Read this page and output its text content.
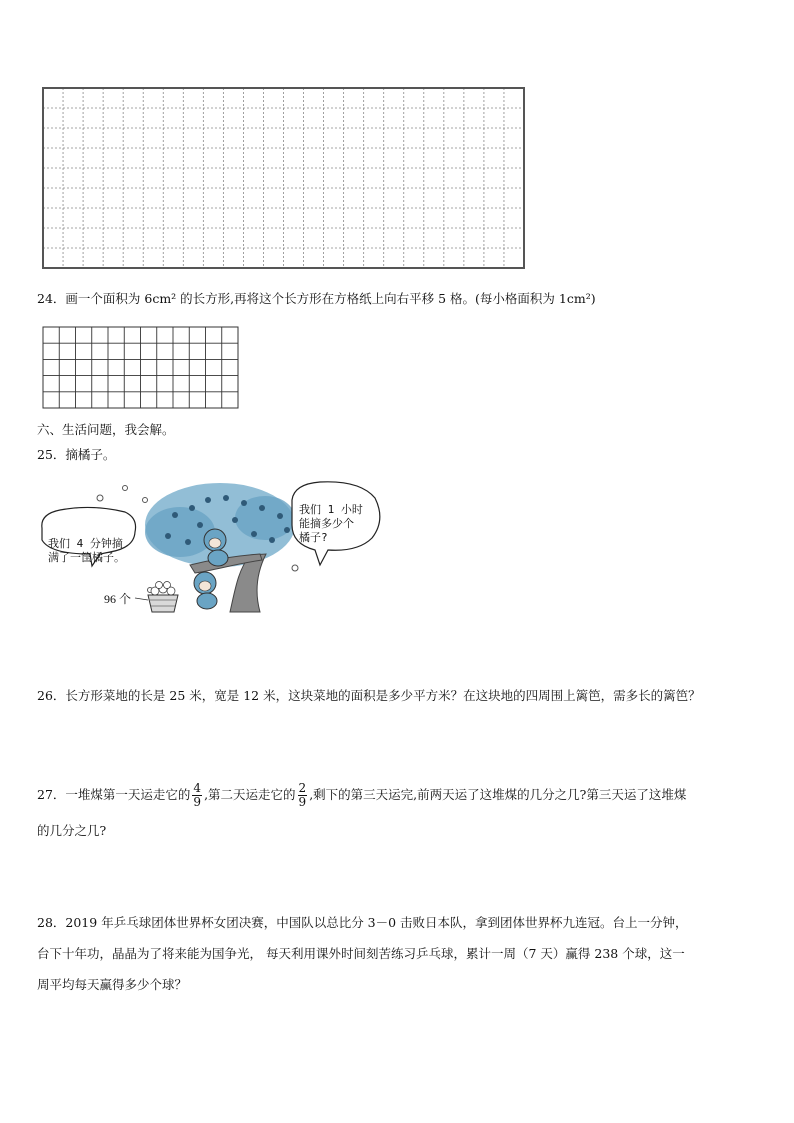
24．画一个面积为 6cm² 的长方形,再将这个长方形在方格纸上向右平移 5 格。(每小格面积为 1cm²)
六、生活问题，我会解。
25．摘橘子。
我们 4 分钟摘
满了一筐橘子。
我们 1 小时
能摘多少个
橘子?
96 个
26．长方形菜地的长是 25 米，宽是 12 米，这块菜地的面积是多少平方米？在这块地的四周围上篱笆，需多长的篱笆？
27．一堆煤第一天运走它的 $\frac{4}{9}$ ,第二天运走它的 $\frac{2}{9}$ ,剩下的第三天运完,前两天运了这堆煤的几分之几?第三天运了这堆煤
的几分之几?
28．2019 年乒乓球团体世界杯女团决赛，中国队以总比分 3－0 击败日本队，拿到团体世界杯九连冠。台上一分钟，
台下十年功，晶晶为了将来能为国争光， 每天利用课外时间刻苦练习乒乓球，累计一周（7 天）赢得 238 个球，这一
周平均每天赢得多少个球？
